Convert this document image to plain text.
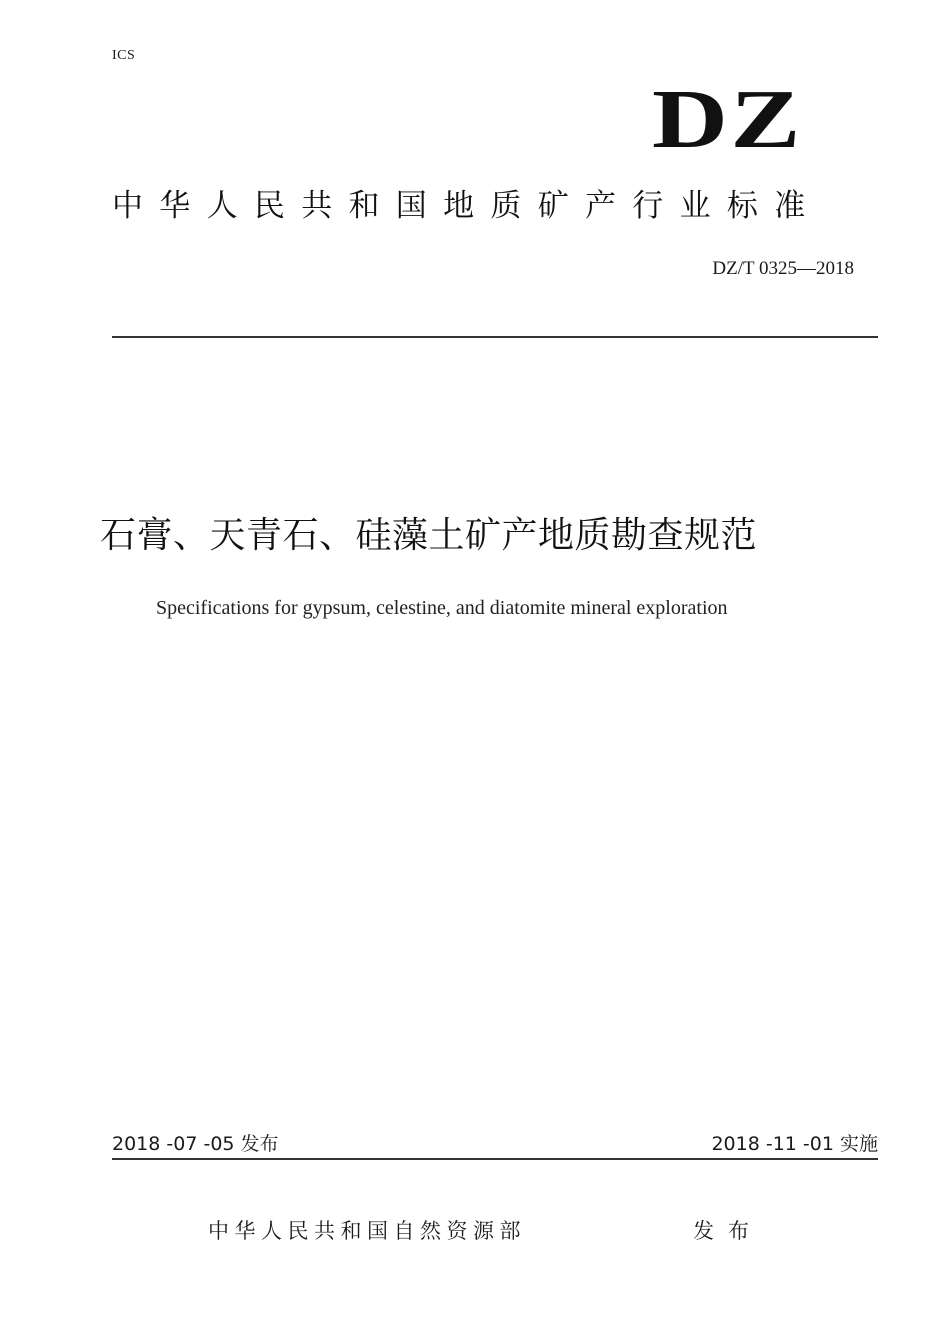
ICS
DZ
中华人民共和国地质矿产行业标准
DZ/T 0325—2018
石膏、天青石、硅藻土矿产地质勘查规范
Specifications for gypsum, celestine, and diatomite mineral exploration
2018 -07 -05 发布	2018 -11 -01 实施
中华人民共和国自然资源部	发布
